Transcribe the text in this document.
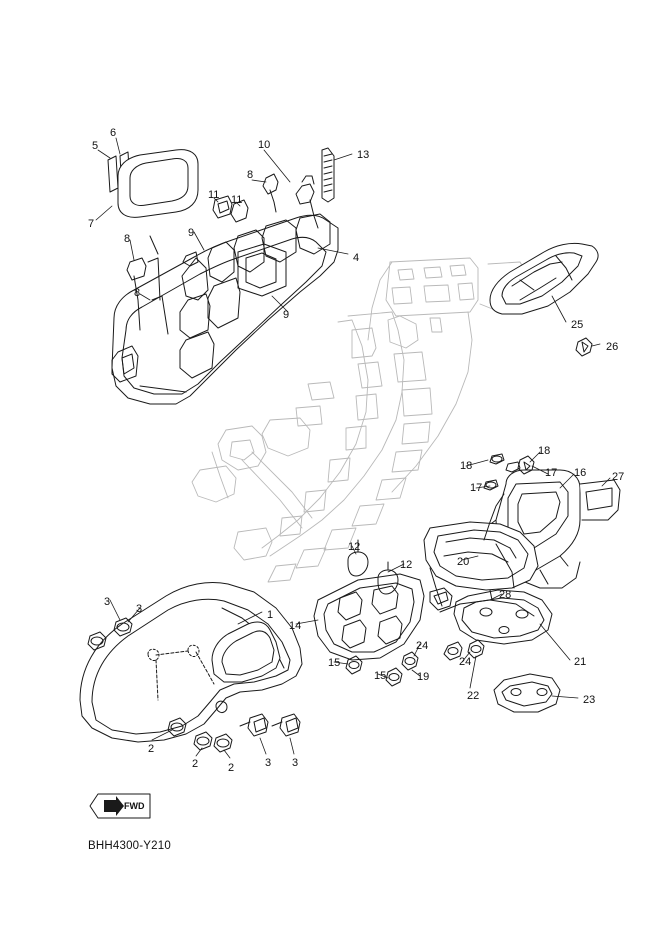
FWD
BHH4300-Y210
6
5	10
13
8
11 11
7
9
4
8
8
9
25
26
18
18
17 16 27
17
12
12	20
28
3
3	1
14
24
15
15	19
24
22
21
23
2
2	2	3 3
